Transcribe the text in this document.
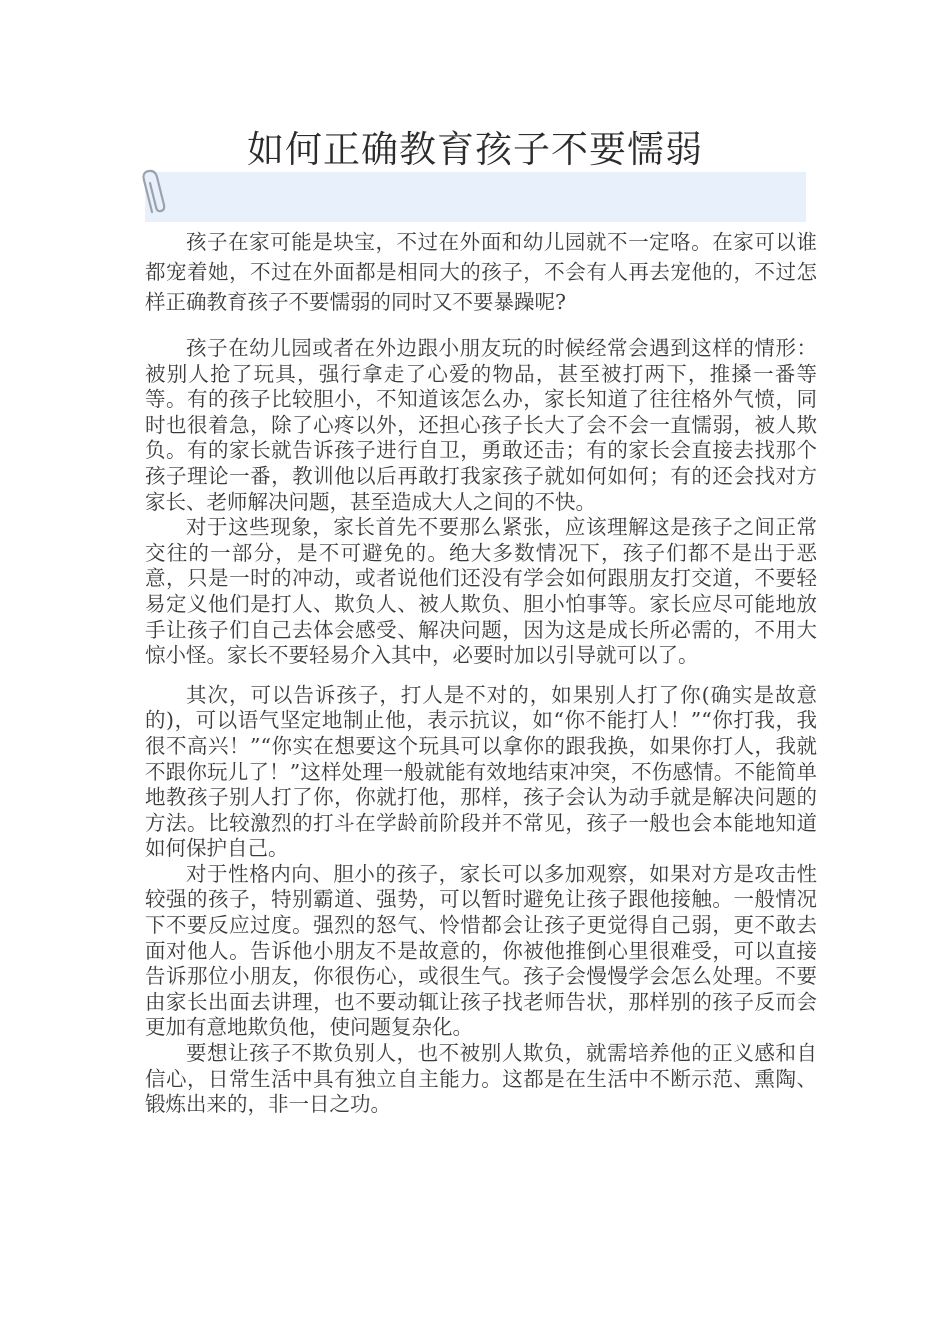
如何正确教育孩子不要懦弱

孩子在家可能是块宝，不过在外面和幼儿园就不一定咯。在家可以谁都宠着她，不过在外面都是相同大的孩子，不会有人再去宠他的，不过怎样正确教育孩子不要懦弱的同时又不要暴躁呢?

孩子在幼儿园或者在外边跟小朋友玩的时候经常会遇到这样的情形： 被别人抢了玩具，强行拿走了心爱的物品，甚至被打两下，推搡一番等等。有的孩子比较胆小，不知道该怎么办，家长知道了往往格外气愤，同时也很着急，除了心疼以外，还担心孩子长大了会不会一直懦弱，被人欺负。有的家长就告诉孩子进行自卫，勇敢还击；有的家长会直接去找那个孩子理论一番，教训他以后再敢打我家孩子就如何如何；有的还会找对方家长、老师解决问题，甚至造成大人之间的不快。

对于这些现象，家长首先不要那么紧张，应该理解这是孩子之间正常交往的一部分，是不可避免的。绝大多数情况下，孩子们都不是出于恶意，只是一时的冲动，或者说他们还没有学会如何跟朋友打交道，不要轻易定义他们是打人、欺负人、被人欺负、胆小怕事等。家长应尽可能地放手让孩子们自己去体会感受、解决问题，因为这是成长所必需的，不用大惊小怪。家长不要轻易介入其中，必要时加以引导就可以了。

其次，可以告诉孩子，打人是不对的，如果别人打了你(确实是故意的)，可以语气坚定地制止他，表示抗议，如“你不能打人！”“你打我，我很不高兴！”“你实在想要这个玩具可以拿你的跟我换，如果你打人，我就不跟你玩儿了！”这样处理一般就能有效地结束冲突，不伤感情。不能简单地教孩子别人打了你，你就打他，那样，孩子会认为动手就是解决问题的方法。比较激烈的打斗在学龄前阶段并不常见，孩子一般也会本能地知道如何保护自己。

对于性格内向、胆小的孩子，家长可以多加观察，如果对方是攻击性较强的孩子，特别霸道、强势，可以暂时避免让孩子跟他接触。一般情况下不要反应过度。强烈的怒气、怜惜都会让孩子更觉得自己弱，更不敢去面对他人。告诉他小朋友不是故意的，你被他推倒心里很难受，可以直接告诉那位小朋友，你很伤心，或很生气。孩子会慢慢学会怎么处理。不要由家长出面去讲理，也不要动辄让孩子找老师告状，那样别的孩子反而会更加有意地欺负他，使问题复杂化。

要想让孩子不欺负别人，也不被别人欺负，就需培养他的正义感和自信心，日常生活中具有独立自主能力。这都是在生活中不断示范、熏陶、锻炼出来的，非一日之功。
